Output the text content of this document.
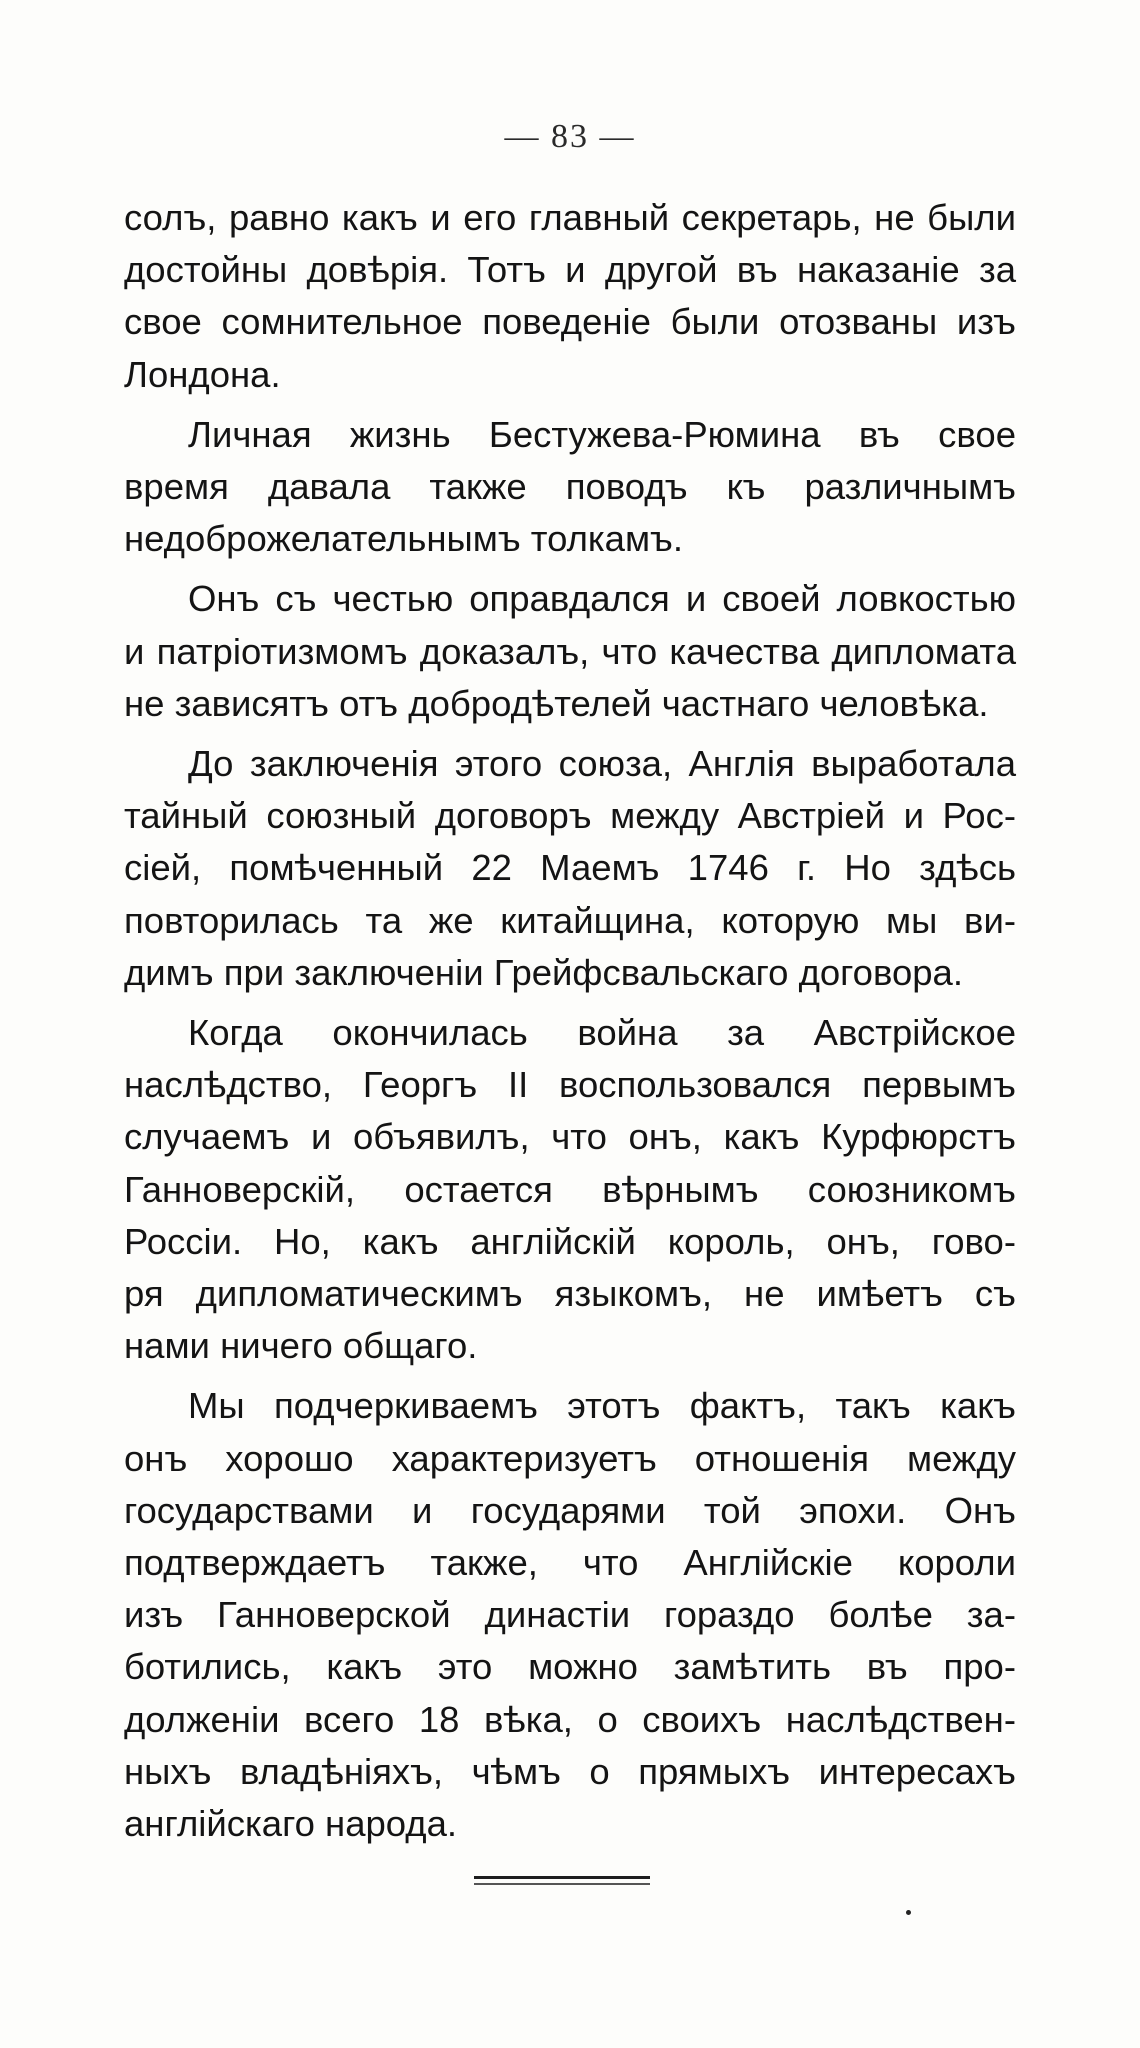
— 83 —
солъ, равно какъ и его главный секретарь, не были
достойны довѣрія. Тотъ и другой въ наказаніе за
свое сомнительное поведеніе были отозваны изъ
Лондона.
Личная жизнь Бестужева-Рюмина въ свое
время давала также поводъ къ различнымъ
недоброжелательнымъ толкамъ.
Онъ съ честью оправдался и своей ловкостью
и патріотизмомъ доказалъ, что качества дипломата
не зависятъ отъ добродѣтелей частнаго человѣка.
До заключенія этого союза, Англія выработала
тайный союзный договоръ между Австріей и Рос-
сіей, помѣченный 22 Маемъ 1746 г. Но здѣсь
повторилась та же китайщина, которую мы ви-
димъ при заключеніи Грейфсвальскаго договора.
Когда окончилась война за Австрійское
наслѣдство, Георгъ II воспользовался первымъ
случаемъ и объявилъ, что онъ, какъ Курфюрстъ
Ганноверскій, остается вѣрнымъ союзникомъ
Россіи. Но, какъ англійскій король, онъ, гово-
ря дипломатическимъ языкомъ, не имѣетъ съ
нами ничего общаго.
Мы подчеркиваемъ этотъ фактъ, такъ какъ
онъ хорошо характеризуетъ отношенія между
государствами и государями той эпохи. Онъ
подтверждаетъ также, что Англійскіе короли
изъ Ганноверской династіи гораздо болѣе за-
ботились, какъ это можно замѣтить въ про-
долженіи всего 18 вѣка, о своихъ наслѣдствен-
ныхъ владѣніяхъ, чѣмъ о прямыхъ интересахъ
англійскаго народа.
